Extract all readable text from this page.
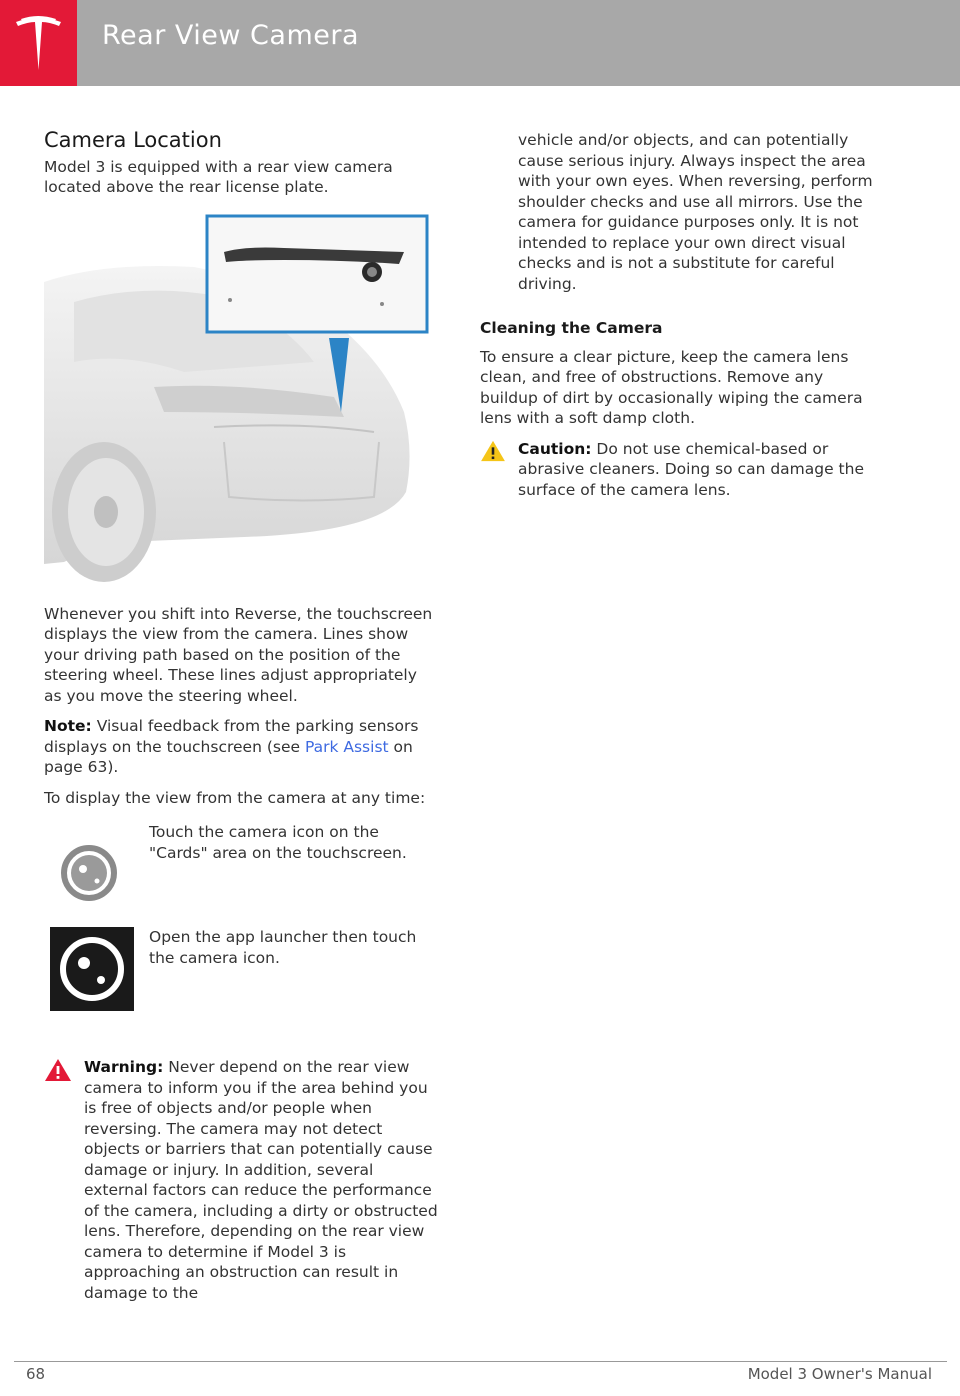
Rear View Camera
Camera Location

Model 3 is equipped with a rear view camera located above the rear license plate.

Whenever you shift into Reverse, the touchscreen displays the view from the camera. Lines show your driving path based on the position of the steering wheel. These lines adjust appropriately as you move the steering wheel.

Note: Visual feedback from the parking sensors displays on the touchscreen (see Park Assist on page 63).

To display the view from the camera at any time:

Touch the camera icon on the "Cards" area on the touchscreen.
Open the app launcher then touch the camera icon.
Warning: Never depend on the rear view camera to inform you if the area behind you is free of objects and/or people when reversing. The camera may not detect objects or barriers that can potentially cause damage or injury. In addition, several external factors can reduce the performance of the camera, including a dirty or obstructed lens. Therefore, depending on the rear view camera to determine if Model 3 is approaching an obstruction can result in damage to the

vehicle and/or objects, and can potentially cause serious injury. Always inspect the area with your own eyes. When reversing, perform shoulder checks and use all mirrors. Use the camera for guidance purposes only. It is not intended to replace your own direct visual checks and is not a substitute for careful driving.

Cleaning the Camera

To ensure a clear picture, keep the camera lens clean, and free of obstructions. Remove any buildup of dirt by occasionally wiping the camera lens with a soft damp cloth.

Caution: Do not use chemical-based or abrasive cleaners. Doing so can damage the surface of the camera lens.
68	Model 3 Owner's Manual
